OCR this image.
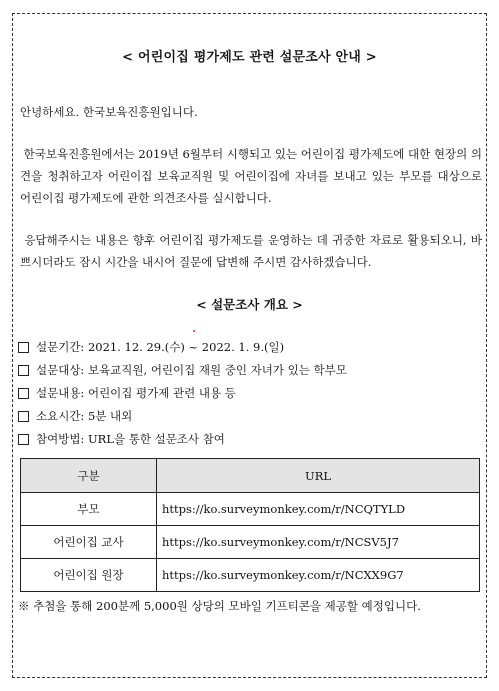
< 어린이집 평가제도 관련 설문조사 안내 >
안녕하세요. 한국보육진흥원입니다.
한국보육진흥원에서는 2019년 6월부터 시행되고 있는 어린이집 평가제도에 대한 현장의 의견을 청취하고자 어린이집 보육교직원 및 어린이집에 자녀를 보내고 있는 부모를 대상으로 어린이집 평가제도에 관한 의견조사를 실시합니다.
응답해주시는 내용은 향후 어린이집 평가제도를 운영하는 데 귀중한 자료로 활용되오니, 바쁘시더라도 잠시 시간을 내시어 질문에 답변해 주시면 감사하겠습니다.
< 설문조사 개요 >
설문기간: 2021. 12. 29.(수) ~ 2022. 1. 9.(일)
설문대상: 보육교직원, 어린이집 재원 중인 자녀가 있는 학부모
설문내용: 어린이집 평가제 관련 내용 등
소요시간: 5분 내외
참여방법: URL을 통한 설문조사 참여
구분	URL
부모	https://ko.surveymonkey.com/r/NCQTYLD
어린이집 교사	https://ko.surveymonkey.com/r/NCSV5J7
어린이집 원장	https://ko.surveymonkey.com/r/NCXX9G7
※ 추첨을 통해 200분께 5,000원 상당의 모바일 기프티콘을 제공할 예정입니다.
